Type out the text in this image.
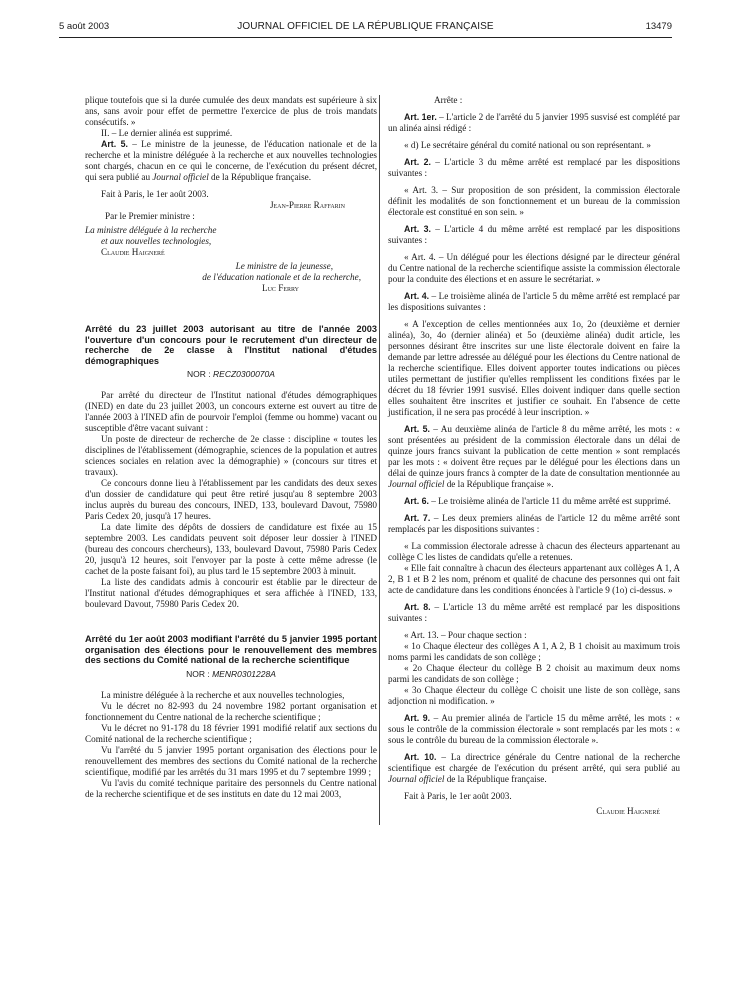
5 août 2003	JOURNAL OFFICIEL DE LA RÉPUBLIQUE FRANÇAISE	13479

plique toutefois que si la durée cumulée des deux mandats est supérieure à six ans, sans avoir pour effet de permettre l'exercice de plus de trois mandats consécutifs. »

II. – Le dernier alinéa est supprimé.

Art. 5. – Le ministre de la jeunesse, de l'éducation nationale et de la recherche et la ministre déléguée à la recherche et aux nouvelles technologies sont chargés, chacun en ce qui le concerne, de l'exécution du présent décret, qui sera publié au Journal officiel de la République française.

Fait à Paris, le 1er août 2003.

Jean-Pierre Raffarin

Par le Premier ministre :

La ministre déléguée à la recherche

et aux nouvelles technologies,

Claudie Haigneré

Le ministre de la jeunesse,

de l'éducation nationale et de la recherche,

Luc Ferry

Arrêté du 23 juillet 2003 autorisant au titre de l'année 2003 l'ouverture d'un concours pour le recrutement d'un directeur de recherche de 2e classe à l'Institut national d'études démographiques

NOR : RECZ0300070A

Par arrêté du directeur de l'Institut national d'études démographiques (INED) en date du 23 juillet 2003, un concours externe est ouvert au titre de l'année 2003 à l'INED afin de pourvoir l'emploi (femme ou homme) vacant ou susceptible d'être vacant suivant :

Un poste de directeur de recherche de 2e classe : discipline « toutes les disciplines de l'établissement (démographie, sciences de la population et autres sciences sociales en relation avec la démographie) » (concours sur titres et travaux).

Ce concours donne lieu à l'établissement par les candidats des deux sexes d'un dossier de candidature qui peut être retiré jusqu'au 8 septembre 2003 inclus auprès du bureau des concours, INED, 133, boulevard Davout, 75980 Paris Cedex 20, jusqu'à 17 heures.

La date limite des dépôts de dossiers de candidature est fixée au 15 septembre 2003. Les candidats peuvent soit déposer leur dossier à l'INED (bureau des concours chercheurs), 133, boulevard Davout, 75980 Paris Cedex 20, jusqu'à 12 heures, soit l'envoyer par la poste à cette même adresse (le cachet de la poste faisant foi), au plus tard le 15 septembre 2003 à minuit.

La liste des candidats admis à concourir est établie par le directeur de l'Institut national d'études démographiques et sera affichée à l'INED, 133, boulevard Davout, 75980 Paris Cedex 20.

Arrêté du 1er août 2003 modifiant l'arrêté du 5 janvier 1995 portant organisation des élections pour le renouvellement des membres des sections du Comité national de la recherche scientifique

NOR : MENR0301228A

La ministre déléguée à la recherche et aux nouvelles technologies,

Vu le décret no 82-993 du 24 novembre 1982 portant organisation et fonctionnement du Centre national de la recherche scientifique ;

Vu le décret no 91-178 du 18 février 1991 modifié relatif aux sections du Comité national de la recherche scientifique ;

Vu l'arrêté du 5 janvier 1995 portant organisation des élections pour le renouvellement des membres des sections du Comité national de la recherche scientifique, modifié par les arrêtés du 31 mars 1995 et du 7 septembre 1999 ;

Vu l'avis du comité technique paritaire des personnels du Centre national de la recherche scientifique et de ses instituts en date du 12 mai 2003,

Arrête :

Art. 1er. – L'article 2 de l'arrêté du 5 janvier 1995 susvisé est complété par un alinéa ainsi rédigé :

« d) Le secrétaire général du comité national ou son représentant. »

Art. 2. – L'article 3 du même arrêté est remplacé par les dispositions suivantes :

« Art. 3. – Sur proposition de son président, la commission électorale définit les modalités de son fonctionnement et un bureau de la commission électorale est constitué en son sein. »

Art. 3. – L'article 4 du même arrêté est remplacé par les dispositions suivantes :

« Art. 4. – Un délégué pour les élections désigné par le directeur général du Centre national de la recherche scientifique assiste la commission électorale pour la conduite des élections et en assure le secrétariat. »

Art. 4. – Le troisième alinéa de l'article 5 du même arrêté est remplacé par les dispositions suivantes :

« A l'exception de celles mentionnées aux 1o, 2o (deuxième et dernier alinéa), 3o, 4o (dernier alinéa) et 5o (deuxième alinéa) dudit article, les personnes désirant être inscrites sur une liste électorale doivent en faire la demande par lettre adressée au délégué pour les élections du Centre national de la recherche scientifique. Elles doivent apporter toutes indications ou pièces utiles permettant de justifier qu'elles remplissent les conditions fixées par le décret du 18 février 1991 susvisé. Elles doivent indiquer dans quelle section elles souhaitent être inscrites et justifier ce souhait. En l'absence de cette justification, il ne sera pas procédé à leur inscription. »

Art. 5. – Au deuxième alinéa de l'article 8 du même arrêté, les mots : « sont présentées au président de la commission électorale dans un délai de quinze jours francs suivant la publication de cette mention » sont remplacés par les mots : « doivent être reçues par le délégué pour les élections dans un délai de quinze jours francs à compter de la date de consultation mentionnée au Journal officiel de la République française ».

Art. 6. – Le troisième alinéa de l'article 11 du même arrêté est supprimé.

Art. 7. – Les deux premiers alinéas de l'article 12 du même arrêté sont remplacés par les dispositions suivantes :

« La commission électorale adresse à chacun des électeurs appartenant au collège C les listes de candidats qu'elle a retenues.

« Elle fait connaître à chacun des électeurs appartenant aux collèges A 1, A 2, B 1 et B 2 les nom, prénom et qualité de chacune des personnes qui ont fait acte de candidature dans les conditions énoncées à l'article 9 (1o) ci-dessus. »

Art. 8. – L'article 13 du même arrêté est remplacé par les dispositions suivantes :

« Art. 13. – Pour chaque section :

« 1o Chaque électeur des collèges A 1, A 2, B 1 choisit au maximum trois noms parmi les candidats de son collège ;

« 2o Chaque électeur du collège B 2 choisit au maximum deux noms parmi les candidats de son collège ;

« 3o Chaque électeur du collège C choisit une liste de son collège, sans adjonction ni modification. »

Art. 9. – Au premier alinéa de l'article 15 du même arrêté, les mots : « sous le contrôle de la commission électorale » sont remplacés par les mots : « sous le contrôle du bureau de la commission électorale ».

Art. 10. – La directrice générale du Centre national de la recherche scientifique est chargée de l'exécution du présent arrêté, qui sera publié au Journal officiel de la République française.

Fait à Paris, le 1er août 2003.

Claudie Haigneré
